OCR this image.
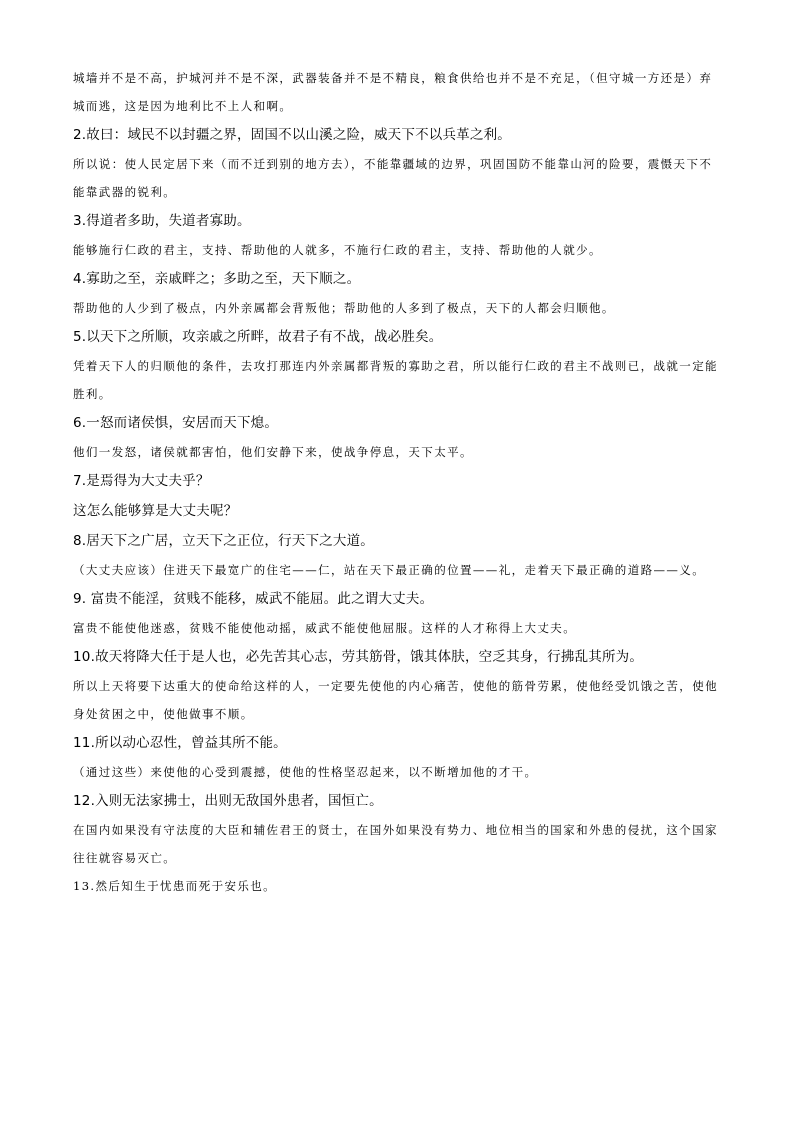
城墙并不是不高，护城河并不是不深，武器装备并不是不精良，粮食供给也并不是不充足，（但守城一方还是）弃城而逃，这是因为地利比不上人和啊。

2.故曰：域民不以封疆之界，固国不以山溪之险，威天下不以兵革之利。

所以说：使人民定居下来（而不迁到别的地方去），不能靠疆域的边界，巩固国防不能靠山河的险要，震慑天下不能靠武器的锐利。

3.得道者多助，失道者寡助。

能够施行仁政的君主，支持、帮助他的人就多，不施行仁政的君主，支持、帮助他的人就少。

4.寡助之至，亲戚畔之；多助之至，天下顺之。

帮助他的人少到了极点，内外亲属都会背叛他；帮助他的人多到了极点，天下的人都会归顺他。

5.以天下之所顺，攻亲戚之所畔，故君子有不战，战必胜矣。

凭着天下人的归顺他的条件，去攻打那连内外亲属都背叛的寡助之君，所以能行仁政的君主不战则已，战就一定能胜利。

6.一怒而诸侯惧，安居而天下熄。

他们一发怒，诸侯就都害怕，他们安静下来，使战争停息，天下太平。

7.是焉得为大丈夫乎？

这怎么能够算是大丈夫呢？

8.居天下之广居，立天下之正位，行天下之大道。

（大丈夫应该）住进天下最宽广的住宅——仁，站在天下最正确的位置——礼，走着天下最正确的道路——义。

9. 富贵不能淫，贫贱不能移，威武不能屈。此之谓大丈夫。

富贵不能使他迷惑，贫贱不能使他动摇，威武不能使他屈服。这样的人才称得上大丈夫。

10.故天将降大任于是人也，必先苦其心志，劳其筋骨，饿其体肤，空乏其身，行拂乱其所为。

所以上天将要下达重大的使命给这样的人，一定要先使他的内心痛苦，使他的筋骨劳累，使他经受饥饿之苦，使他身处贫困之中，使他做事不顺。

11.所以动心忍性，曾益其所不能。

（通过这些）来使他的心受到震撼，使他的性格坚忍起来，以不断增加他的才干。

12.入则无法家拂士，出则无敌国外患者，国恒亡。

在国内如果没有守法度的大臣和辅佐君王的贤士，在国外如果没有势力、地位相当的国家和外患的侵扰，这个国家往往就容易灭亡。

13.然后知生于忧患而死于安乐也。
